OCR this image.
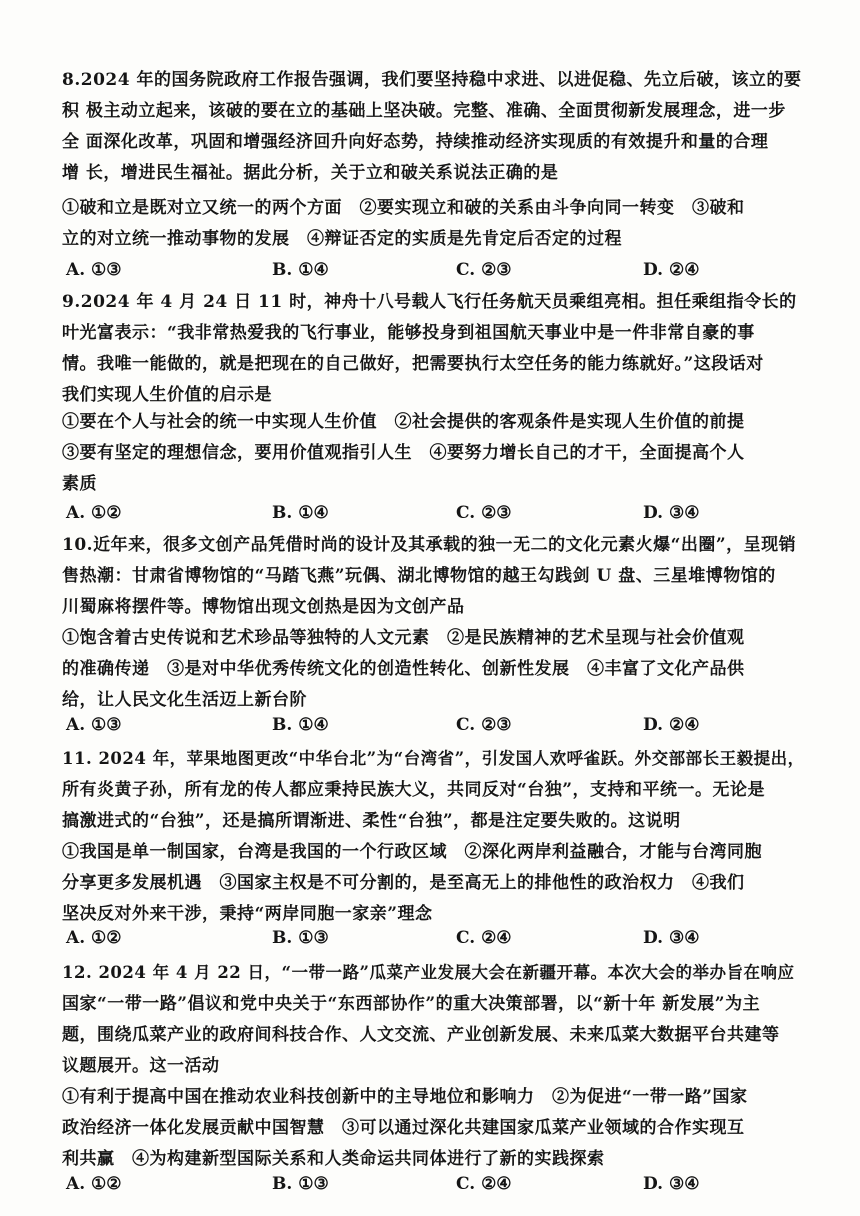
8.2024 年的国务院政府工作报告强调，我们要坚持稳中求进、以进促稳、先立后破，该立的要
积 极主动立起来，该破的要在立的基础上坚决破。完整、准确、全面贯彻新发展理念，进一步
全 面深化改革，巩固和增强经济回升向好态势，持续推动经济实现质的有效提升和量的合理
增 长，增进民生福祉。据此分析，关于立和破关系说法正确的是
①破和立是既对立又统一的两个方面　②要实现立和破的关系由斗争向同一转变　③破和
立的对立统一推动事物的发展　④辩证否定的实质是先肯定后否定的过程
A. ①③	B. ①④	C. ②③	D. ②④
9.2024 年 4 月 24 日 11 时，神舟十八号载人飞行任务航天员乘组亮相。担任乘组指令长的
叶光富表示：“我非常热爱我的飞行事业，能够投身到祖国航天事业中是一件非常自豪的事
情。我唯一能做的，就是把现在的自己做好，把需要执行太空任务的能力练就好。”这段话对
我们实现人生价值的启示是
①要在个人与社会的统一中实现人生价值　②社会提供的客观条件是实现人生价值的前提
③要有坚定的理想信念，要用价值观指引人生　④要努力增长自己的才干，全面提高个人
素质
A. ①②	B. ①④	C. ②③	D. ③④
10.近年来，很多文创产品凭借时尚的设计及其承载的独一无二的文化元素火爆“出圈”，呈现销
售热潮：甘肃省博物馆的“马踏飞燕”玩偶、湖北博物馆的越王勾践剑 U 盘、三星堆博物馆的
川蜀麻将摆件等。博物馆出现文创热是因为文创产品
①饱含着古史传说和艺术珍品等独特的人文元素　②是民族精神的艺术呈现与社会价值观
的准确传递　③是对中华优秀传统文化的创造性转化、创新性发展　④丰富了文化产品供
给，让人民文化生活迈上新台阶
A. ①③	B. ①④	C. ②③	D. ②④
11. 2024 年，苹果地图更改“中华台北”为“台湾省”，引发国人欢呼雀跃。外交部部长王毅提出，
所有炎黄子孙，所有龙的传人都应秉持民族大义，共同反对“台独”，支持和平统一。无论是
搞激进式的“台独”，还是搞所谓渐进、柔性“台独”，都是注定要失败的。这说明
①我国是单一制国家，台湾是我国的一个行政区域　②深化两岸利益融合，才能与台湾同胞
分享更多发展机遇　③国家主权是不可分割的，是至高无上的排他性的政治权力　④我们
坚决反对外来干涉，秉持“两岸同胞一家亲”理念
A. ①②	B. ①③	C. ②④	D. ③④
12. 2024 年 4 月 22 日，“一带一路”瓜菜产业发展大会在新疆开幕。本次大会的举办旨在响应
国家“一带一路”倡议和党中央关于“东西部协作”的重大决策部署，以“新十年 新发展”为主
题，围绕瓜菜产业的政府间科技合作、人文交流、产业创新发展、未来瓜菜大数据平台共建等
议题展开。这一活动
①有利于提高中国在推动农业科技创新中的主导地位和影响力　②为促进“一带一路”国家
政治经济一体化发展贡献中国智慧　③可以通过深化共建国家瓜菜产业领域的合作实现互
利共赢　④为构建新型国际关系和人类命运共同体进行了新的实践探索
A. ①②	B. ①③	C. ②④	D. ③④
